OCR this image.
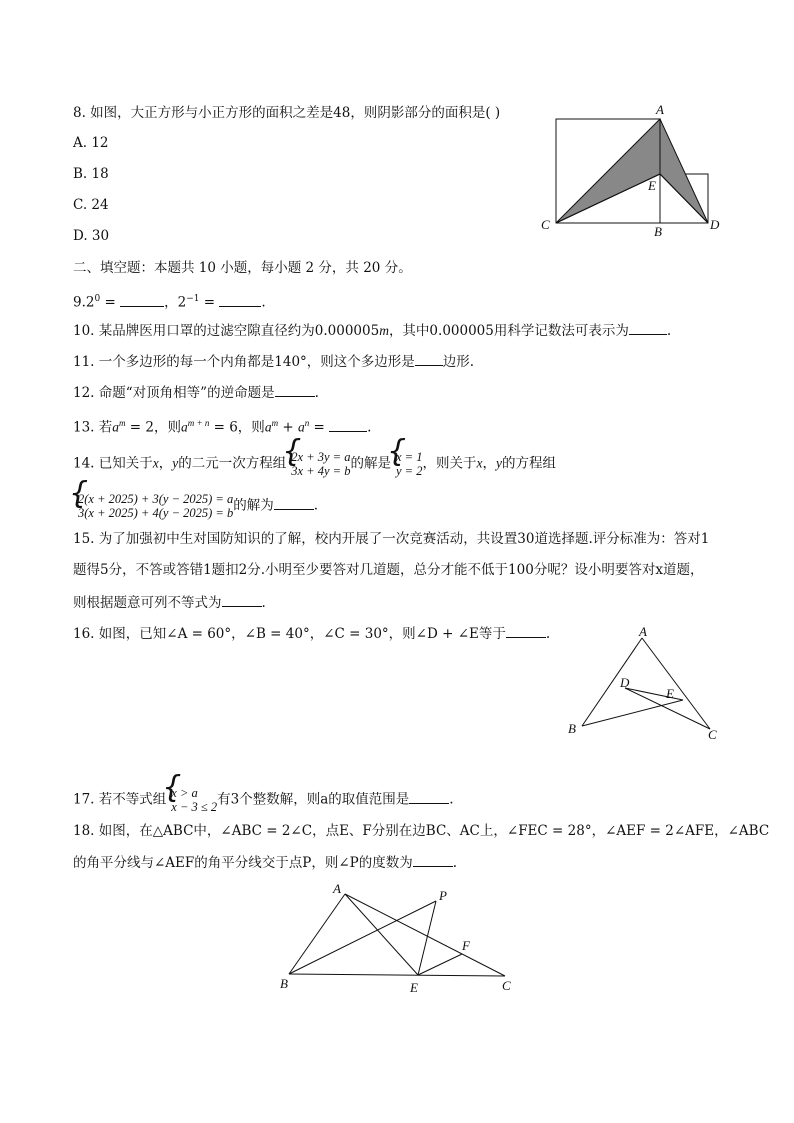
8. 如图，大正方形与小正方形的面积之差是48，则阴影部分的面积是( )
A. 12
B. 18
C. 24
D. 30
A
E
C	B	D
二、填空题：本题共 10 小题，每小题 2 分，共 20 分。
$9.2^0$ =	，$2^{-1}$ =	.
10. 某品牌医用口罩的过滤空隙直径约为0.000005m，其中0.000005用科学记数法可表示为	.
11. 一个多边形的每一个内角都是140°，则这个多边形是 边形.
12. 命题“对顶角相等”的逆命题是	.
13. 若$a^m = 2$，则$a^{m + n} = 6$，则$a^m + a^n$ =	.
14. 已知关于x，y的二元一次方程组 { 2x + 3y = a
3x + 4y = b 的解是 { x = 1
y = 2 ，则关于x，y的方程组
{ 2(x + 2025) + 3(y − 2025) = a
3(x + 2025) + 4(y − 2025) = b 的解为	.
15. 为了加强初中生对国防知识的了解，校内开展了一次竞赛活动，共设置30道选择题.评分标准为：答对1
题得5分，不答或答错1题扣2分.小明至少要答对几道题，总分才能不低于100分呢？设小明要答对x道题，
则根据题意可列不等式为	.
16. 如图，已知∠A = 60°，∠B = 40°，∠C = 30°，则∠D + ∠E等于	.	A
D
E
B	C
17. 若不等式组 { x > a
x − 3 ≤ 2 有3个整数解，则a的取值范围是	.
18. 如图，在△ABC中，∠ABC = 2∠C，点E、F分别在边BC、AC上，∠FEC = 28°，∠AEF = 2∠AFE，∠ABC
的角平分线与∠AEF的角平分线交于点P，则∠P的度数为	.
A	P
F
B	E	C
